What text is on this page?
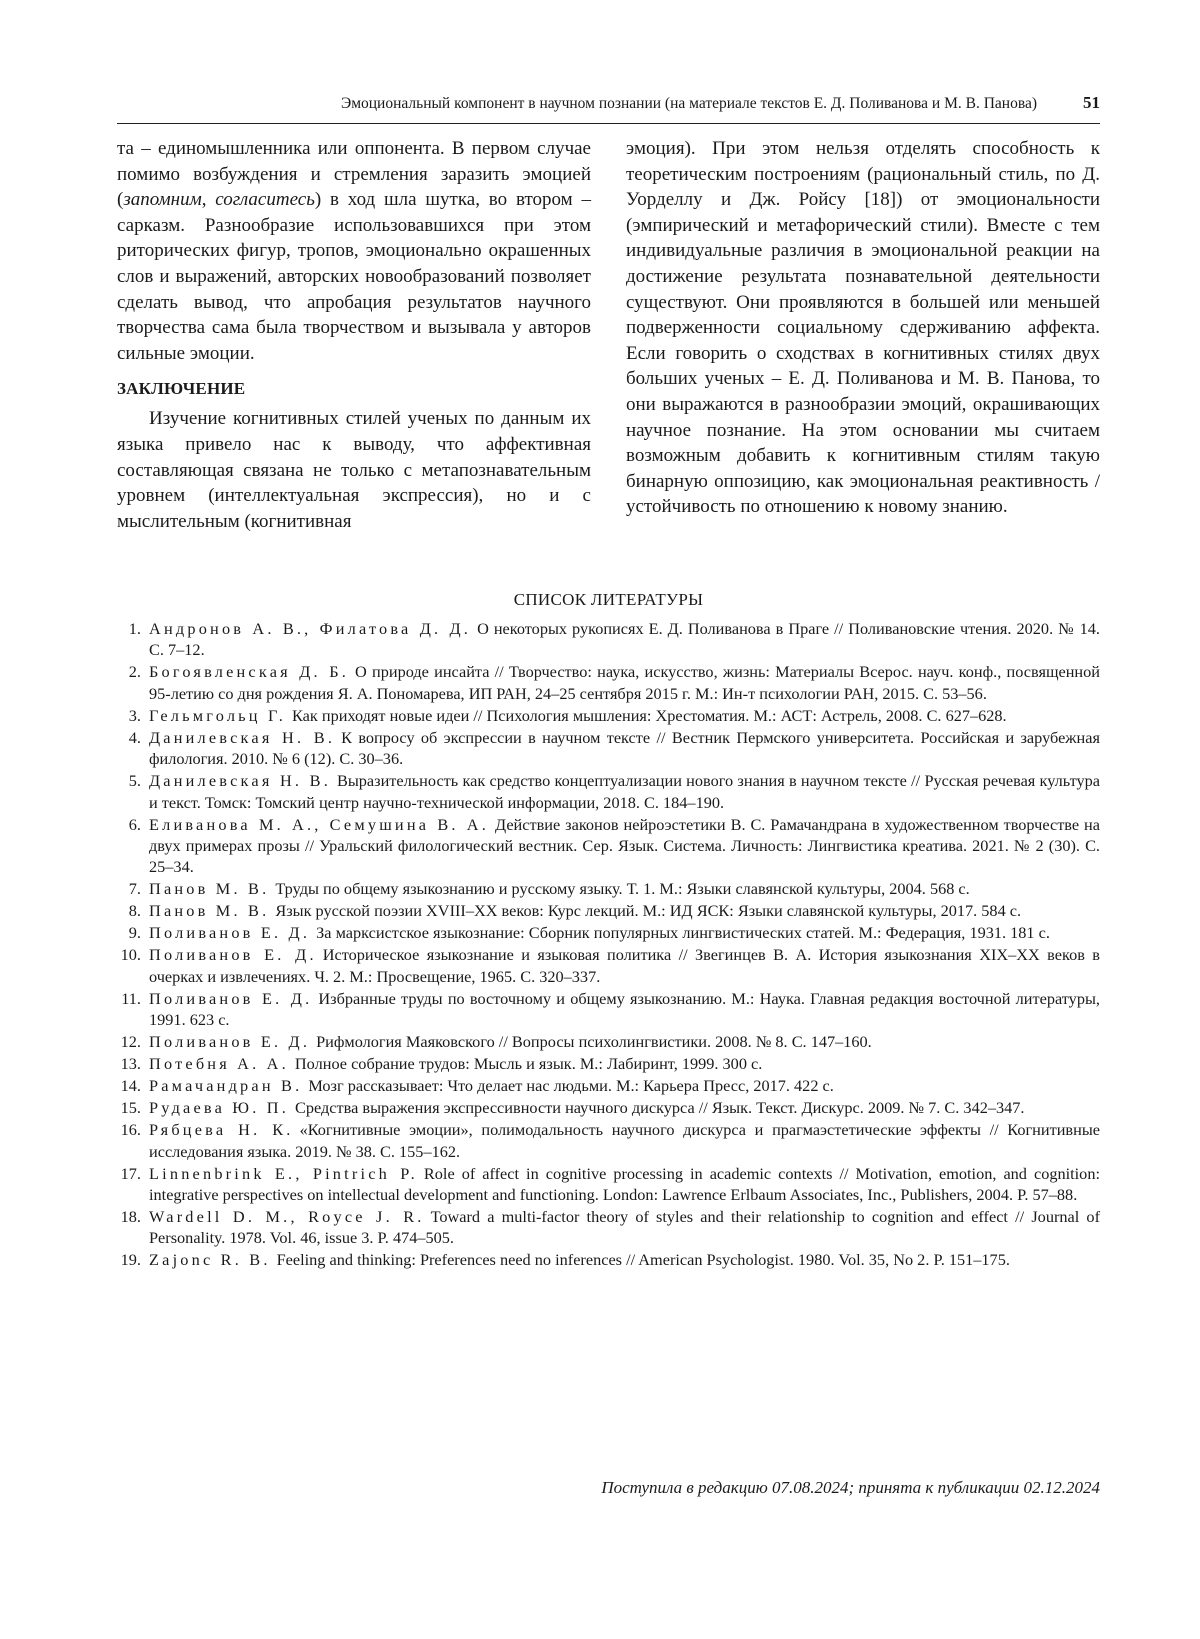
Эмоциональный компонент в научном познании (на материале текстов Е. Д. Поливанова и М. В. Панова)	51

та – единомышленника или оппонента. В первом случае помимо возбуждения и стремления заразить эмоцией (запомним, согласитесь) в ход шла шутка, во втором – сарказм. Разнообразие использовавшихся при этом риторических фигур, тропов, эмоционально окрашенных слов и выражений, авторских новообразований позволяет сделать вывод, что апробация результатов научного творчества сама была творчеством и вызывала у авторов сильные эмоции.

ЗАКЛЮЧЕНИЕ

Изучение когнитивных стилей ученых по данным их языка привело нас к выводу, что аффективная составляющая связана не только с метапознавательным уровнем (интеллектуальная экспрессия), но и с мыслительным (когнитивная

эмоция). При этом нельзя отделять способность к теоретическим построениям (рациональный стиль, по Д. Уорделлу и Дж. Ройсу [18]) от эмоциональности (эмпирический и метафорический стили). Вместе с тем индивидуальные различия в эмоциональной реакции на достижение результата познавательной деятельности существуют. Они проявляются в большей или меньшей подверженности социальному сдерживанию аффекта. Если говорить о сходствах в когнитивных стилях двух больших ученых – Е. Д. Поливанова и М. В. Панова, то они выражаются в разнообразии эмоций, окрашивающих научное познание. На этом основании мы считаем возможным добавить к когнитивным стилям такую бинарную оппозицию, как эмоциональная реактивность / устойчивость по отношению к новому знанию.

СПИСОК ЛИТЕРАТУРЫ
1. Андронов А. В., Филатова Д. Д. О некоторых рукописях Е. Д. Поливанова в Праге // Поливановские чтения. 2020. № 14. С. 7–12.
2. Богоявленская Д. Б. О природе инсайта // Творчество: наука, искусство, жизнь: Материалы Всерос. науч. конф., посвященной 95-летию со дня рождения Я. А. Пономарева, ИП РАН, 24–25 сентября 2015 г. М.: Ин-т психологии РАН, 2015. С. 53–56.
3. Гельмгольц Г. Как приходят новые идеи // Психология мышления: Хрестоматия. М.: АСТ: Астрель, 2008. С. 627–628.
4. Данилевская Н. В. К вопросу об экспрессии в научном тексте // Вестник Пермского университета. Российская и зарубежная филология. 2010. № 6 (12). С. 30–36.
5. Данилевская Н. В. Выразительность как средство концептуализации нового знания в научном тексте // Русская речевая культура и текст. Томск: Томский центр научно-технической информации, 2018. С. 184–190.
6. Еливанова М. А., Семушина В. А. Действие законов нейроэстетики В. С. Рамачандрана в художественном творчестве на двух примерах прозы // Уральский филологический вестник. Сер. Язык. Система. Личность: Лингвистика креатива. 2021. № 2 (30). С. 25–34.
7. Панов М. В. Труды по общему языкознанию и русскому языку. Т. 1. М.: Языки славянской культуры, 2004. 568 с.
8. Панов М. В. Язык русской поэзии XVIII–XX веков: Курс лекций. М.: ИД ЯСК: Языки славянской культуры, 2017. 584 с.
9. Поливанов Е. Д. За марксистское языкознание: Сборник популярных лингвистических статей. М.: Федерация, 1931. 181 с.
10. Поливанов Е. Д. Историческое языкознание и языковая политика // Звегинцев В. А. История языкознания XIX–XX веков в очерках и извлечениях. Ч. 2. М.: Просвещение, 1965. С. 320–337.
11. Поливанов Е. Д. Избранные труды по восточному и общему языкознанию. М.: Наука. Главная редакция восточной литературы, 1991. 623 с.
12. Поливанов Е. Д. Рифмология Маяковского // Вопросы психолингвистики. 2008. № 8. С. 147–160.
13. Потебня А. А. Полное собрание трудов: Мысль и язык. М.: Лабиринт, 1999. 300 с.
14. Рамачандран В. Мозг рассказывает: Что делает нас людьми. М.: Карьера Пресс, 2017. 422 с.
15. Рудаева Ю. П. Средства выражения экспрессивности научного дискурса // Язык. Текст. Дискурс. 2009. № 7. С. 342–347.
16. Рябцева Н. К. «Когнитивные эмоции», полимодальность научного дискурса и прагмаэстетические эффекты // Когнитивные исследования языка. 2019. № 38. С. 155–162.
17. Linnenbrink E., Pintrich P. Role of affect in cognitive processing in academic contexts // Motivation, emotion, and cognition: integrative perspectives on intellectual development and functioning. London: Lawrence Erlbaum Associates, Inc., Publishers, 2004. P. 57–88.
18. Wardell D. M., Royce J. R. Toward a multi-factor theory of styles and their relationship to cognition and effect // Journal of Personality. 1978. Vol. 46, issue 3. P. 474–505.
19. Zajonc R. B. Feeling and thinking: Preferences need no inferences // American Psychologist. 1980. Vol. 35, No 2. P. 151–175.
Поступила в редакцию 07.08.2024; принята к публикации 02.12.2024
